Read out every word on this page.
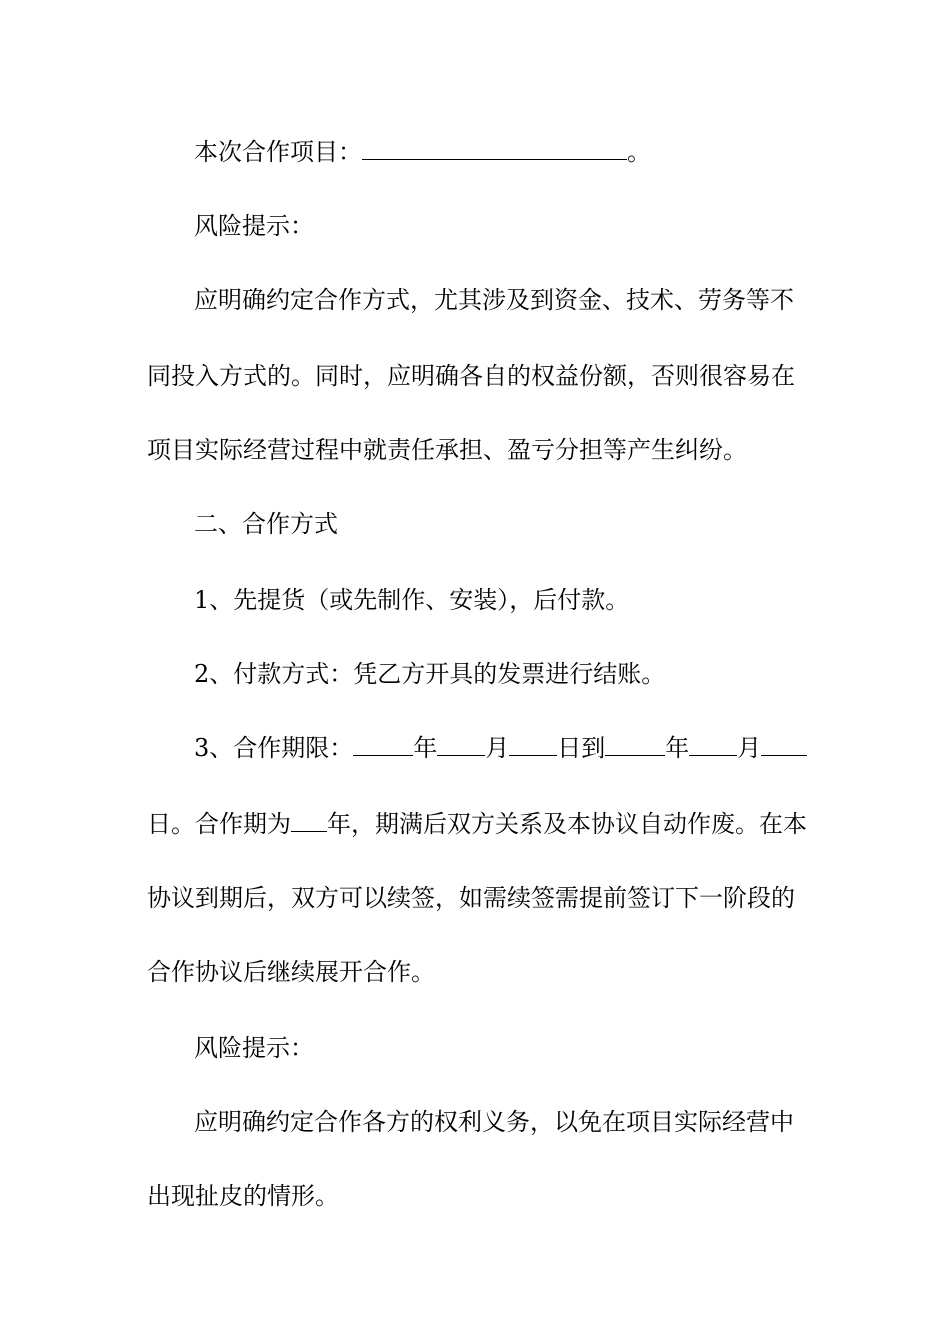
本次合作项目：	。
风险提示：
应明确约定合作方式，尤其涉及到资金、技术、劳务等不
同投入方式的。同时，应明确各自的权益份额，否则很容易在
项目实际经营过程中就责任承担、盈亏分担等产生纠纷。
二、合作方式
1、先提货（或先制作、安装），后付款。
2、付款方式：凭乙方开具的发票进行结账。
3、合作期限：	年 月 日到	年 月
日。合作期为 年，期满后双方关系及本协议自动作废。在本
协议到期后，双方可以续签，如需续签需提前签订下一阶段的
合作协议后继续展开合作。
风险提示：
应明确约定合作各方的权利义务，以免在项目实际经营中
出现扯皮的情形。
